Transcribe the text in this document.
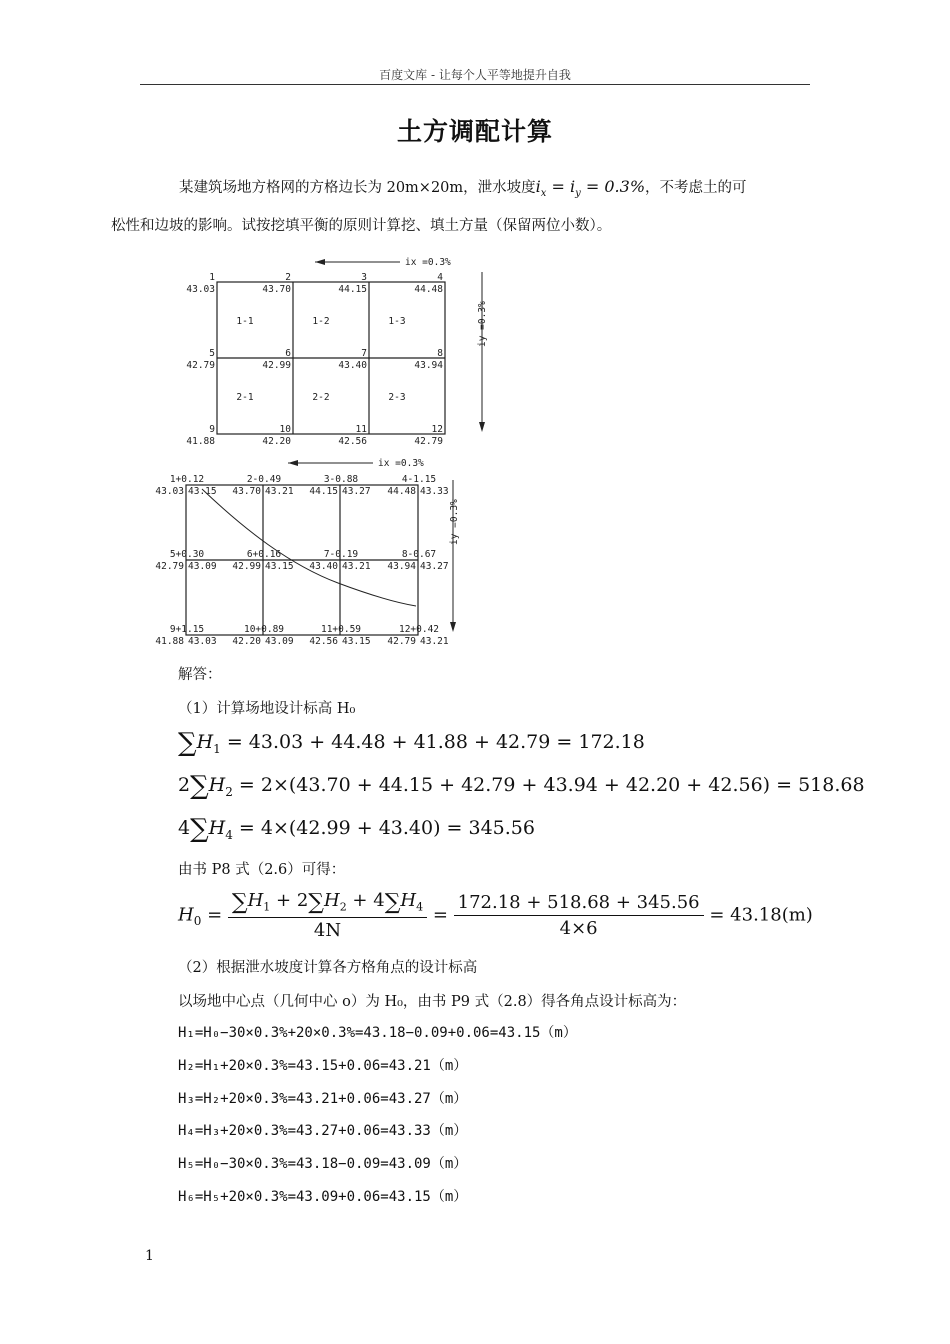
百度文库 - 让每个人平等地提升自我
土方调配计算
某建筑场地方格网的方格边长为 20m×20m，泄水坡度$i_x = i_y = 0.3\%$，不考虑土的可
松性和边坡的影响。试按挖填平衡的原则计算挖、填土方量（保留两位小数）。
ix =0.3%
iy =0.3%
1
43.03
2
43.70
3
44.15
4
44.48
5
42.79
6
42.99
7
43.40
8
43.94
9
41.88
10
42.20
11
42.56
12
42.79
1-1	1-2	1-3
2-1	2-2	2-3
ix =0.3%
iy =0.3%
1+0.12
43.03 43.15
2-0.49
43.70 43.21
3-0.88
44.15 43.27
4-1.15
44.48 43.33
5+0.30
42.79 43.09
6+0.16
42.99 43.15
7-0.19
43.40 43.21
8-0.67
43.94 43.27
9+1.15
41.88 43.03
10+0.89
42.20 43.09
11+0.59
42.56 43.15
12+0.42
42.79 43.21
解答：
（1）计算场地设计标高 H₀
$\sum H_1 = 43.03 + 44.48 + 41.88 + 42.79 = 172.18$
$2\sum H_2 = 2\times(43.70 + 44.15 + 42.79 + 43.94 + 42.20 + 42.56) = 518.68$
$4\sum H_4 = 4\times(42.99 + 43.40) = 345.56$
由书 P8 式（2.6）可得：
$H_0 = \frac{\sum H_1 + 2\sum H_2 + 4\sum H_4}{4N} = \frac{172.18 + 518.68 + 345.56}{4\times 6} = 43.18(m)$
（2）根据泄水坡度计算各方格角点的设计标高
以场地中心点（几何中心 o）为 H₀，由书 P9 式（2.8）得各角点设计标高为：
H₁=H₀−30×0.3%+20×0.3%=43.18−0.09+0.06=43.15（m）
H₂=H₁+20×0.3%=43.15+0.06=43.21（m）
H₃=H₂+20×0.3%=43.21+0.06=43.27（m）
H₄=H₃+20×0.3%=43.27+0.06=43.33（m）
H₅=H₀−30×0.3%=43.18−0.09=43.09（m）
H₆=H₅+20×0.3%=43.09+0.06=43.15（m）
1
